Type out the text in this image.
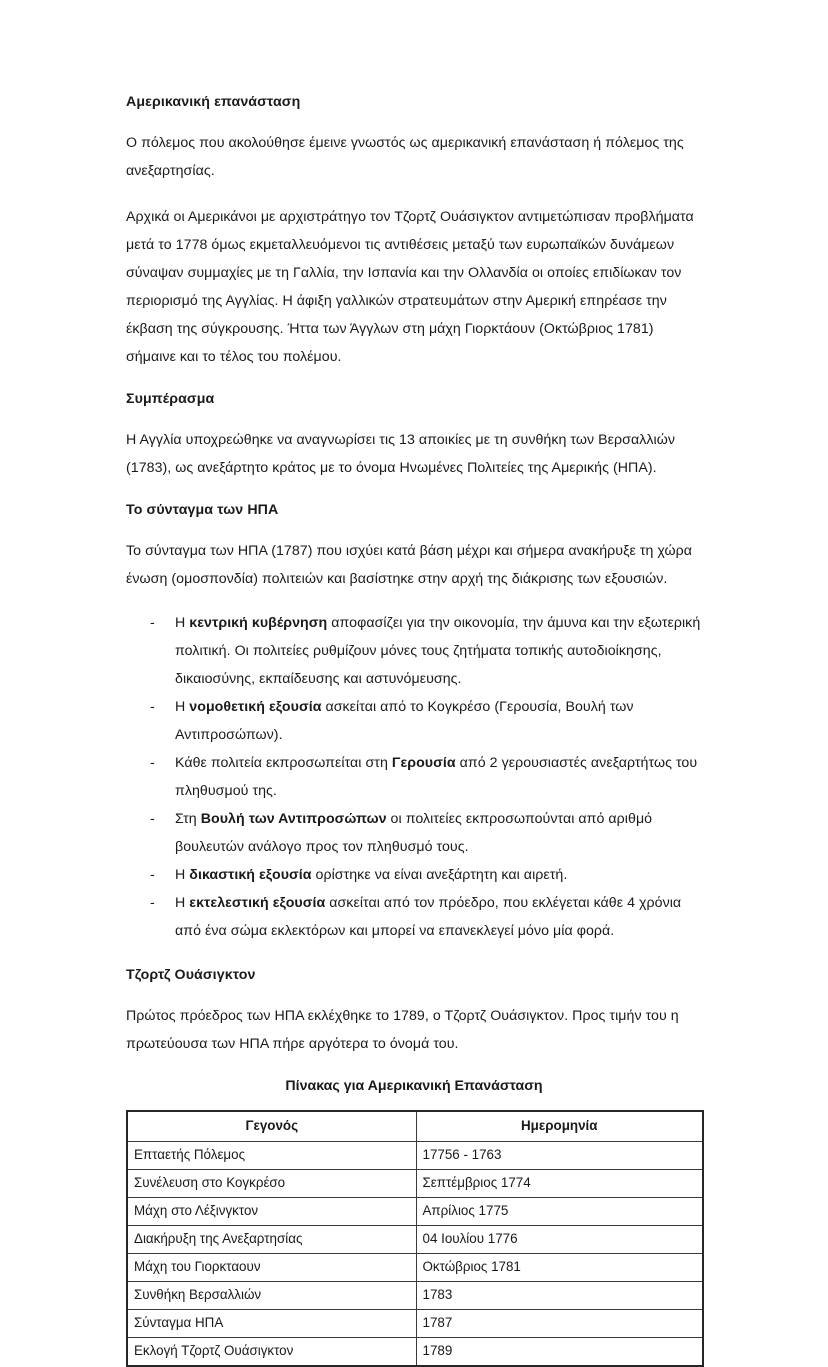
Αμερικανική επανάσταση

Ο πόλεμος που ακολούθησε έμεινε γνωστός ως αμερικανική επανάσταση ή πόλεμος της ανεξαρτησίας.

Αρχικά οι Αμερικάνοι με αρχιστράτηγο τον Τζορτζ Ουάσιγκτον αντιμετώπισαν προβλήματα μετά το 1778 όμως εκμεταλλευόμενοι τις αντιθέσεις μεταξύ των ευρωπαϊκών δυνάμεων σύναψαν συμμαχίες με τη Γαλλία, την Ισπανία και την Ολλανδία οι οποίες επιδίωκαν τον περιορισμό της Αγγλίας. Η άφιξη γαλλικών στρατευμάτων στην Αμερική επηρέασε την έκβαση της σύγκρουσης. Ήττα των Άγγλων στη μάχη Γιορκτάουν (Οκτώβριος 1781) σήμαινε και το τέλος του πολέμου.

Συμπέρασμα

Η Αγγλία υποχρεώθηκε να αναγνωρίσει τις 13 αποικίες με τη συνθήκη των Βερσαλλιών (1783), ως ανεξάρτητο κράτος με το όνομα Ηνωμένες Πολιτείες της Αμερικής (ΗΠΑ).

Το σύνταγμα των ΗΠΑ

Το σύνταγμα των ΗΠΑ (1787) που ισχύει κατά βάση μέχρι και σήμερα ανακήρυξε τη χώρα ένωση (ομοσπονδία) πολιτειών και βασίστηκε στην αρχή της διάκρισης των εξουσιών.

-	Η κεντρική κυβέρνηση αποφασίζει για την οικονομία, την άμυνα και την εξωτερική πολιτική. Οι πολιτείες ρυθμίζουν μόνες τους ζητήματα τοπικής αυτοδιοίκησης, δικαιοσύνης, εκπαίδευσης και αστυνόμευσης.
-	Η νομοθετική εξουσία ασκείται από το Κογκρέσο (Γερουσία, Βουλή των Αντιπροσώπων).
-	Κάθε πολιτεία εκπροσωπείται στη Γερουσία από 2 γερουσιαστές ανεξαρτήτως του πληθυσμού της.
-	Στη Βουλή των Αντιπροσώπων οι πολιτείες εκπροσωπούνται από αριθμό βουλευτών ανάλογο προς τον πληθυσμό τους.
-	Η δικαστική εξουσία ορίστηκε να είναι ανεξάρτητη και αιρετή.
-	Η εκτελεστική εξουσία ασκείται από τον πρόεδρο, που εκλέγεται κάθε 4 χρόνια από ένα σώμα εκλεκτόρων και μπορεί να επανεκλεγεί μόνο μία φορά.
Τζορτζ Ουάσιγκτον

Πρώτος πρόεδρος των ΗΠΑ εκλέχθηκε το 1789, ο Τζορτζ Ουάσιγκτον. Προς τιμήν του η πρωτεύουσα των ΗΠΑ πήρε αργότερα το όνομά του.

Πίνακας για Αμερικανική Επανάσταση
Γεγονός	Ημερομηνία
Επταετής Πόλεμος	17756 - 1763
Συνέλευση στο Κογκρέσο	Σεπτέμβριος 1774
Μάχη στο Λέξινγκτον	Απρίλιος 1775
Διακήρυξη της Ανεξαρτησίας	04 Ιουλίου 1776
Μάχη του Γιορκταουν	Οκτώβριος 1781
Συνθήκη Βερσαλλιών	1783
Σύνταγμα ΗΠΑ	1787
Εκλογή Τζορτζ Ουάσιγκτον	1789
